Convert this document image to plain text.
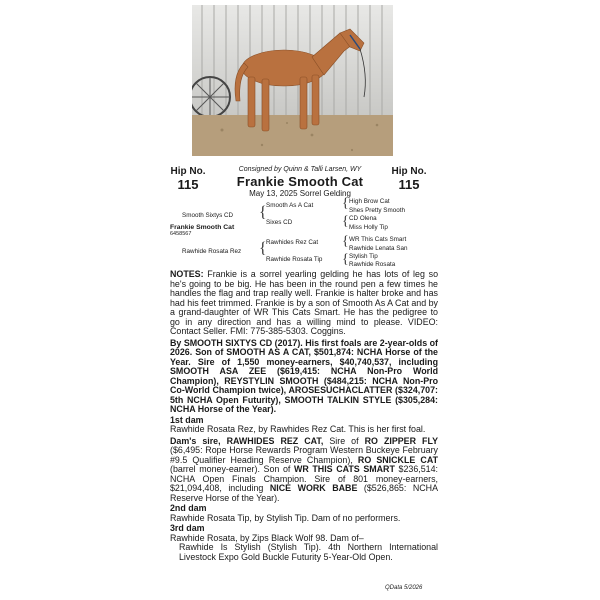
Hip No.
115
Hip No.
115
Consigned by Quinn & Talli Larsen, WY
Frankie Smooth Cat
May 13, 2025 Sorrel Gelding
Smooth Sixtys CD
Frankie Smooth Cat
6458567
Rawhide Rosata Rez
{
{
Smooth As A Cat
Sixes CD
Rawhides Rez Cat
Rawhide Rosata Tip
{
{
{
{
High Brow Cat
Shes Pretty Smooth
CD Olena
Miss Holly Tip
WR This Cats Smart
Rawhide Lenata San
Stylish Tip
Rawhide Rosata

NOTES: Frankie is a sorrel yearling gelding he has lots of leg so he's going to be big. He has been in the round pen a few times he handles the flag and trap really well. Frankie is halter broke and has had his feet trimmed. Frankie is by a son of Smooth As A Cat and by a grand-daughter of WR This Cats Smart. He has the pedigree to go in any direction and has a willing mind to please. VIDEO: Contact Seller. FMI: 775-385-5303. Coggins.

By SMOOTH SIXTYS CD (2017). His first foals are 2-year-olds of 2026. Son of SMOOTH AS A CAT, $501,874: NCHA Horse of the Year. Sire of 1,550 money-earners, $40,740,537, including SMOOTH ASA ZEE ($619,415: NCHA Non-Pro World Champion), REYSTYLIN SMOOTH ($484,215: NCHA Non-Pro Co-World Champion twice), AROSESUCHACLATTER ($324,707: 5th NCHA Open Futurity), SMOOTH TALKIN STYLE ($305,284: NCHA Horse of the Year).

1st dam

Rawhide Rosata Rez, by Rawhides Rez Cat. This is her first foal.

Dam's sire, RAWHIDES REZ CAT, Sire of RO ZIPPER FLY ($6,495: Rope Horse Rewards Program Western Buckeye February #9.5 Qualifier Heading Reserve Champion), RO SNICKLE CAT (barrel money-earner). Son of WR THIS CATS SMART $236,514: NCHA Open Finals Champion. Sire of 801 money-earners, $21,094,408, including NICE WORK BABE ($526,865: NCHA Reserve Horse of the Year).

2nd dam

Rawhide Rosata Tip, by Stylish Tip. Dam of no performers.

3rd dam

Rawhide Rosata, by Zips Black Wolf 98. Dam of–

Rawhide Is Stylish (Stylish Tip). 4th Northern International Livestock Expo Gold Buckle Futurity 5-Year-Old Open.

QData 5/2026
